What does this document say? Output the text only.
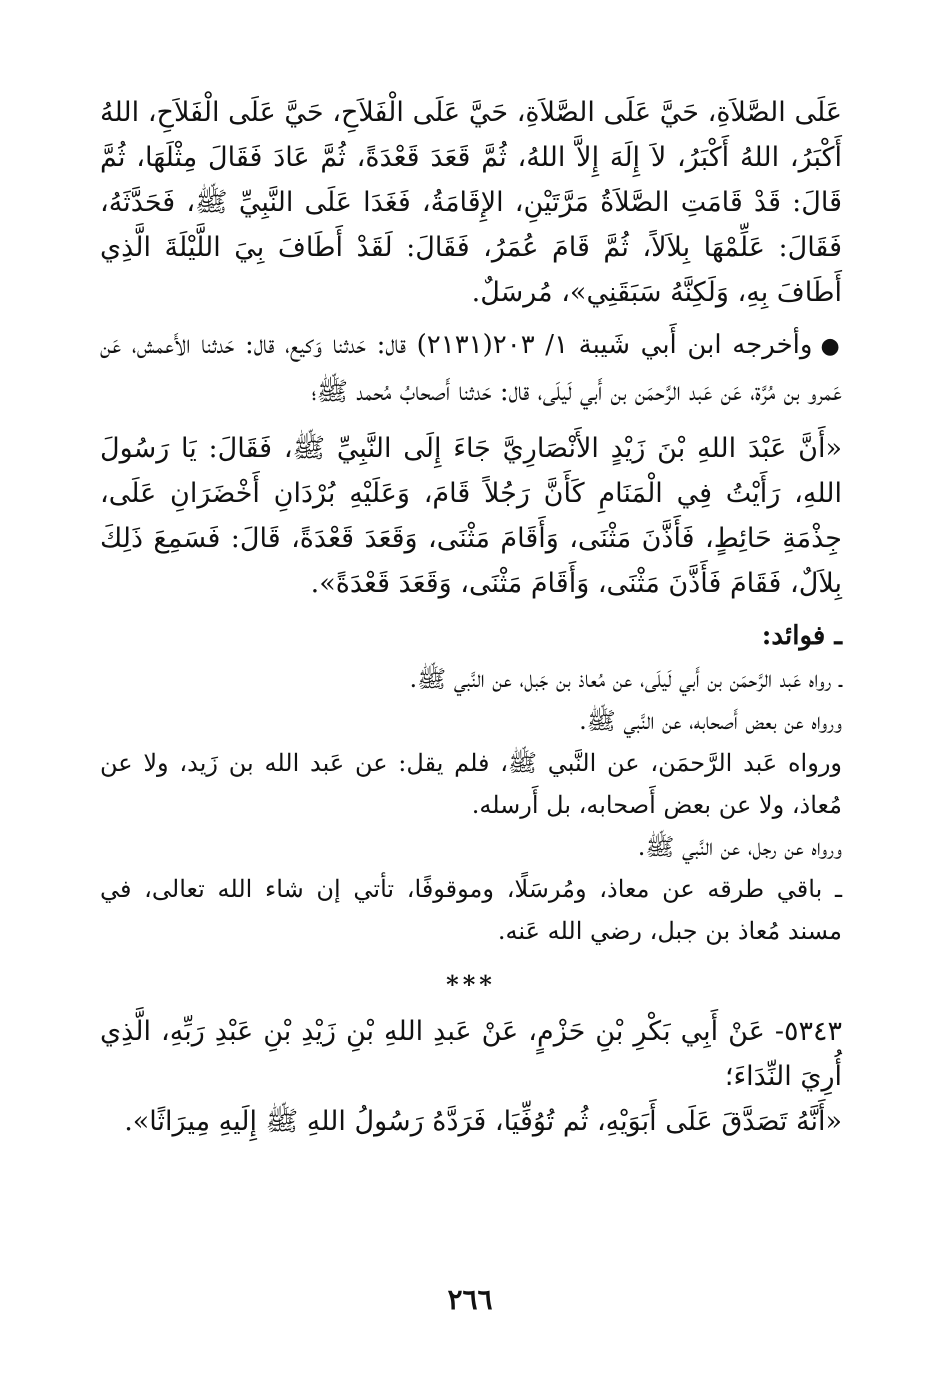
عَلَى الصَّلاَةِ، حَيَّ عَلَى الصَّلاَةِ، حَيَّ عَلَى الْفَلاَحِ، حَيَّ عَلَى الْفَلاَحِ، اللهُ أَكْبَرُ، اللهُ أَكْبَرُ، لاَ إِلَهَ إِلاَّ اللهُ، ثُمَّ قَعَدَ قَعْدَةً، ثُمَّ عَادَ فَقَالَ مِثْلَهَا، ثُمَّ قَالَ: قَدْ قَامَتِ الصَّلاَةُ مَرَّتَيْنِ، الإِقَامَةُ، فَغَدَا عَلَى النَّبِيِّ ﷺ، فَحَدَّثَهُ، فَقَالَ: عَلِّمْهَا بِلاَلاً، ثُمَّ قَامَ عُمَرُ، فَقَالَ: لَقَدْ أَطَافَ بِيَ اللَّيْلَةَ الَّذِي أَطَافَ بِهِ، وَلَكِنَّهُ سَبَقَنِي»، مُرسَلٌ.

●وأخرجه ابن أَبي شَيبة ١/ ٢٠٣(٢١٣١) قال: حَدثنا وَكيع، قال: حَدثنا الأَعمش، عَن عَمرو بن مُرَّة، عَن عَبد الرَّحمَن بن أَبي لَيلَى، قال: حَدثنا أَصحابُ مُحمد ﷺ؛

«أَنَّ عَبْدَ اللهِ بْنَ زَيْدٍ الأَنْصَارِيَّ جَاءَ إِلَى النَّبِيِّ ﷺ، فَقَالَ: يَا رَسُولَ اللهِ، رَأَيْتُ فِي الْمَنَامِ كَأَنَّ رَجُلاً قَامَ، وَعَلَيْهِ بُرْدَانِ أَخْضَرَانِ عَلَى، جِذْمَةِ حَائِطٍ، فَأَذَّنَ مَثْنَى، وَأَقَامَ مَثْنَى، وَقَعَدَ قَعْدَةً، قَالَ: فَسَمِعَ ذَلِكَ بِلاَلٌ، فَقَامَ فَأَذَّنَ مَثْنَى، وَأَقَامَ مَثْنَى، وَقَعَدَ قَعْدَةً».

ـ فوائد:

ـ رواه عَبد الرَّحمَن بن أَبي لَيلَى، عن مُعاذ بن جَبل، عن النَّبي ﷺ.

ورواه عن بعض أَصحابه، عن النَّبي ﷺ.

ورواه عَبد الرَّحمَن، عن النَّبي ﷺ، فلم يقل: عن عَبد الله بن زَيد، ولا عن مُعاذ، ولا عن بعض أَصحابه، بل أَرسله.

ورواه عن رجل، عن النَّبي ﷺ.

ـ باقي طرقه عن معاذ، ومُرسَلًا، وموقوفًا، تأتي إن شاء الله تعالى، في مسند مُعاذ بن جبل، رضي الله عَنه.

***

٥٣٤٣- عَنْ أَبِي بَكْرِ بْنِ حَزْمٍ، عَنْ عَبدِ اللهِ بْنِ زَيْدِ بْنِ عَبْدِ رَبِّهِ، الَّذِي أُرِيَ النِّدَاءَ؛

«أَنَّهُ تَصَدَّقَ عَلَى أَبَوَيْهِ، ثُم تُوُفِّيَا، فَرَدَّهُ رَسُولُ اللهِ ﷺ إِلَيهِ مِيرَاثًا».

٢٦٦
